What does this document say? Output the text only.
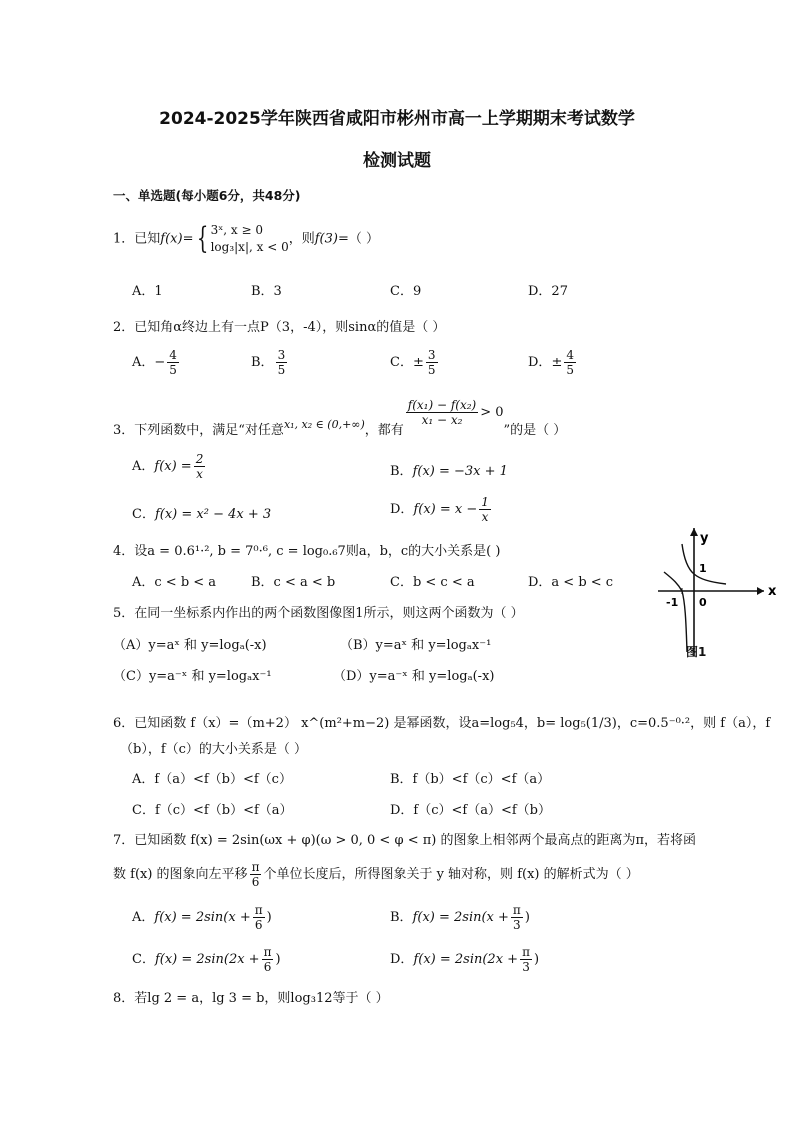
2024-2025学年陕西省咸阳市彬州市高一上学期期末考试数学
检测试题
一、单选题(每小题6分，共48分)
1．已知f(x)= { 3ˣ, x ≥ 0
log₃|x|, x < 0
，则f(3)=（ ）
A．1	B．3	C．9	D．27
2．已知角α终边上有一点P（3，-4），则sinα的值是（ ）
A．− $\frac{4}{5}$	B． $\frac{3}{5}$	C．± $\frac{3}{5}$	D．± $\frac{4}{5}$
3．下列函数中，满足“对任意$^{x_1, x_2 \in (0,+\infty)}$，都有
$\frac{\text{f(x₁) − f(x₂)}}{\text{x₁ − x₂}} > 0$”的是（ ）
A．$f(x) = \frac{2}{x}$	B．f(x) = −3x + 1
C．f(x) = x² − 4x + 3	D．$f(x) = x - \frac{1}{x}$
4．设a = 0.6¹·², b = 7⁰·⁶, c = log₀.₆7则a，b，c的大小关系是( )
A．c < b < a	B．c < a < b	C．b < c < a	D．a < b < c
x
y
1
-1 0
图1
5．在同一坐标系内作出的两个函数图像图1所示，则这两个函数为（ ）
（A）y=aˣ 和 y=logₐ(-x)	（B）y=aˣ 和 y=logₐx⁻¹
（C）y=a⁻ˣ 和 y=logₐx⁻¹	（D）y=a⁻ˣ 和 y=logₐ(-x)
6．已知函数 f（x）=（m+2） x^(m²+m−2) 是幂函数，设a=log₅4，b= log₅(1/3)，c=0.5⁻⁰·²，则 f（a），f
（b），f（c）的大小关系是（ ）
A．f（a）<f（b）<f（c）	B．f（b）<f（c）<f（a）
C．f（c）<f（b）<f（a）	D．f（c）<f（a）<f（b）
7．已知函数 f(x) = 2sin(ωx + φ)(ω > 0, 0 < φ < π) 的图象上相邻两个最高点的距离为π，若将函
数 f(x) 的图象向左平移 $\frac{\pi}{6}$ 个单位长度后，所得图象关于 y 轴对称，则 f(x) 的解析式为（ ）
A．$f(x) = 2\sin(x + \frac{\pi}{6}$ )	B．$f(x) = 2\sin(x + \frac{\pi}{3}$ )
C．$f(x) = 2\sin(2x + \frac{\pi}{6}$ )	D．$f(x) = 2\sin(2x + \frac{\pi}{3}$ )
8．若lg 2 = a，lg 3 = b，则log₃12等于（ ）
